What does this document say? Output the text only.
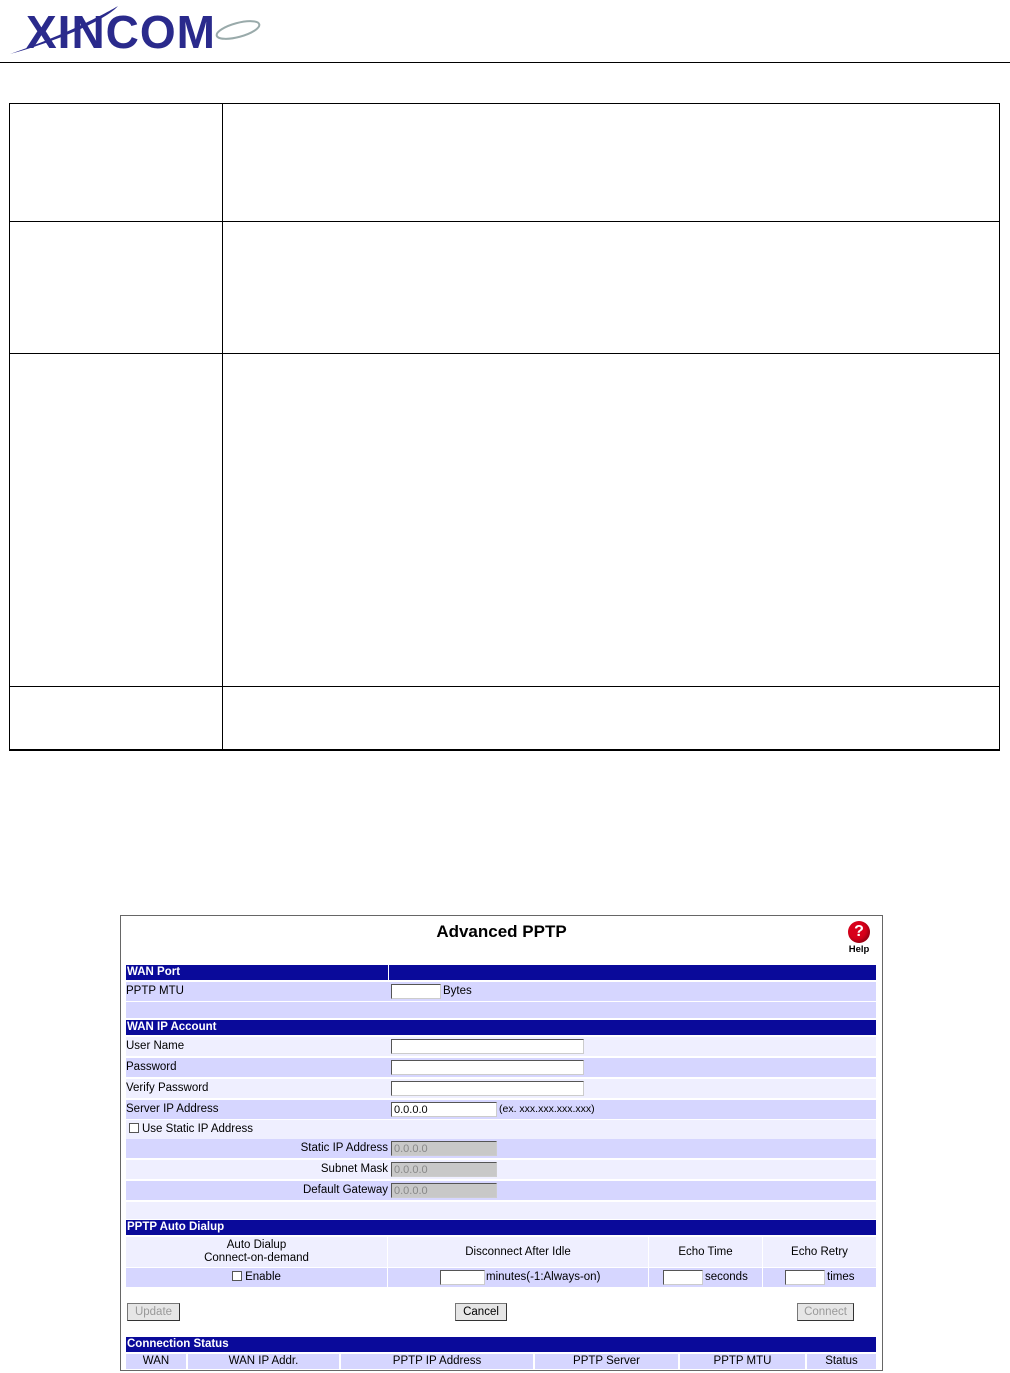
XINCOM

Advanced PPTP	?
Help
WAN Port
PPTP MTU	Bytes
WAN IP Account
User Name
Password
Verify Password
Server IP Address	0.0.0.0	(ex. xxx.xxx.xxx.xxx)
Use Static IP Address
Static IP Address 0.0.0.0
Subnet Mask 0.0.0.0
Default Gateway 0.0.0.0
PPTP Auto Dialup
Auto Dialup
Connect-on-demand	Disconnect After Idle	Echo Time	Echo Retry
Enable	minutes(-1:Always-on)	seconds	times
Update	Cancel	Connect
Connection Status
WAN	WAN IP Addr.	PPTP IP Address	PPTP Server	PPTP MTU	Status
